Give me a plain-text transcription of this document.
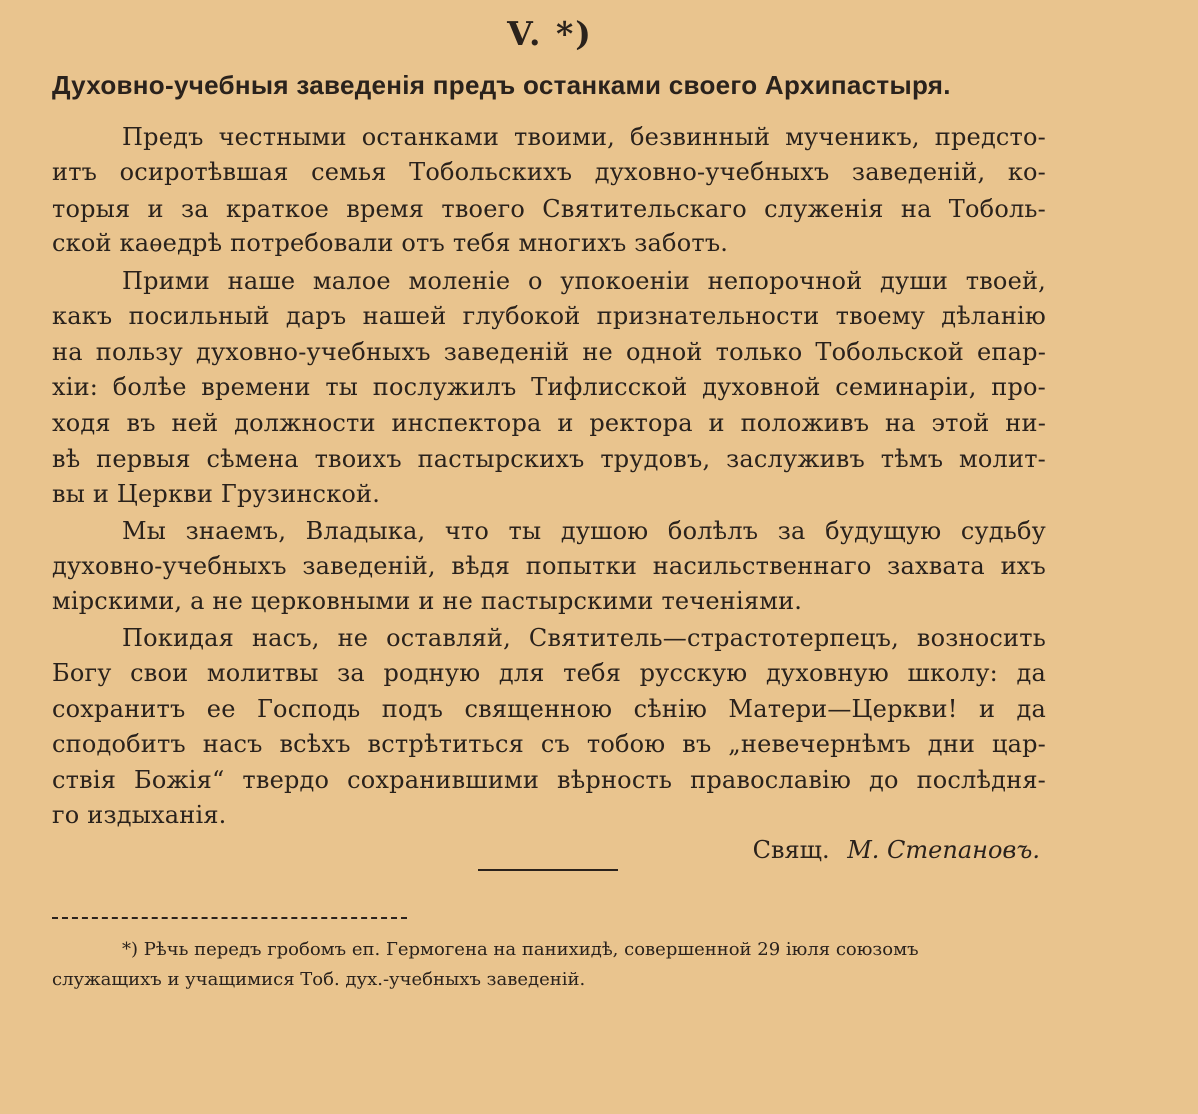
V. *)
Духовно-учебныя заведенія предъ останками своего Архипастыря.
Предъ честными останками твоими, безвинный мученикъ, предсто-
итъ осиротѣвшая семья Тобольскихъ духовно-учебныхъ заведеній, ко-
торыя и за краткое время твоего Святительскаго служенія на Тоболь-
ской каѳедрѣ потребовали отъ тебя многихъ заботъ.
Прими наше малое моленіе о упокоеніи непорочной души твоей,
какъ посильный даръ нашей глубокой признательности твоему дѣланію
на пользу духовно-учебныхъ заведеній не одной только Тобольской епар-
хіи: болѣе времени ты послужилъ Тифлисской духовной семинаріи, про-
ходя въ ней должности инспектора и ректора и положивъ на этой ни-
вѣ первыя сѣмена твоихъ пастырскихъ трудовъ, заслуживъ тѣмъ молит-
вы и Церкви Грузинской.
Мы знаемъ, Владыка, что ты душою болѣлъ за будущую судьбу
духовно-учебныхъ заведеній, вѣдя попытки насильственнаго захвата ихъ
мірскими, а не церковными и не пастырскими теченіями.
Покидая насъ, не оставляй, Святитель—страстотерпецъ, возносить
Богу свои молитвы за родную для тебя русскую духовную школу: да
сохранитъ ее Господь подъ священною сѣнію Матери—Церкви! и да
сподобитъ насъ всѣхъ встрѣтиться съ тобою въ „невечернѣмъ дни цар-
ствія Божія“ твердо сохранившими вѣрность православію до послѣдня-
го издыханія.
Свящ. М. Степановъ.
*) Рѣчь передъ гробомъ еп. Гермогена на панихидѣ, совершенной 29 іюля союзомъ
служащихъ и учащимися Тоб. дух.-учебныхъ заведеній.
